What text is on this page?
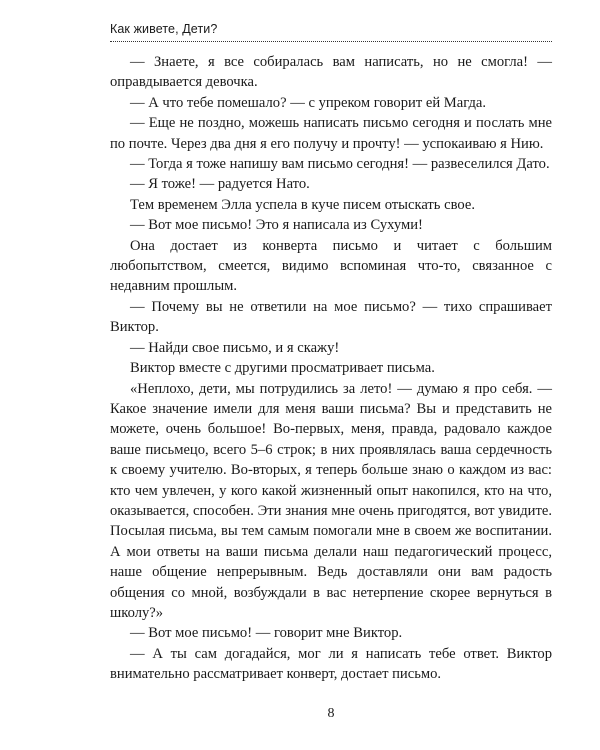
Как живете, Дети?

— Знаете, я все собиралась вам написать, но не смогла! — оправдывается девочка.

— А что тебе помешало? — с упреком говорит ей Магда.

— Еще не поздно, можешь написать письмо сегодня и послать мне по почте. Через два дня я его получу и прочту! — успокаиваю я Нию.

— Тогда я тоже напишу вам письмо сегодня! — развеселился Дато.

— Я тоже! — радуется Нато.

Тем временем Элла успела в куче писем отыскать свое.

— Вот мое письмо! Это я написала из Сухуми!

Она достает из конверта письмо и читает с большим любопытством, смеется, видимо вспоминая что-то, связанное с недавним прошлым.

— Почему вы не ответили на мое письмо? — тихо спрашивает Виктор.

— Найди свое письмо, и я скажу!

Виктор вместе с другими просматривает письма.

«Неплохо, дети, мы потрудились за лето! — думаю я про себя. — Какое значение имели для меня ваши письма? Вы и представить не можете, очень большое! Во-первых, меня, правда, радовало каждое ваше письмецо, всего 5–6 строк; в них проявлялась ваша сердечность к своему учителю. Во-вторых, я теперь больше знаю о каждом из вас: кто чем увлечен, у кого какой жизненный опыт накопился, кто на что, оказывается, способен. Эти знания мне очень пригодятся, вот увидите. Посылая письма, вы тем самым помогали мне в своем же воспитании. А мои ответы на ваши письма делали наш педагогический процесс, наше общение непрерывным. Ведь доставляли они вам радость общения со мной, возбуждали в вас нетерпение скорее вернуться в школу?»

— Вот мое письмо! — говорит мне Виктор.

— А ты сам догадайся, мог ли я написать тебе ответ. Виктор внимательно рассматривает конверт, достает письмо.

8
